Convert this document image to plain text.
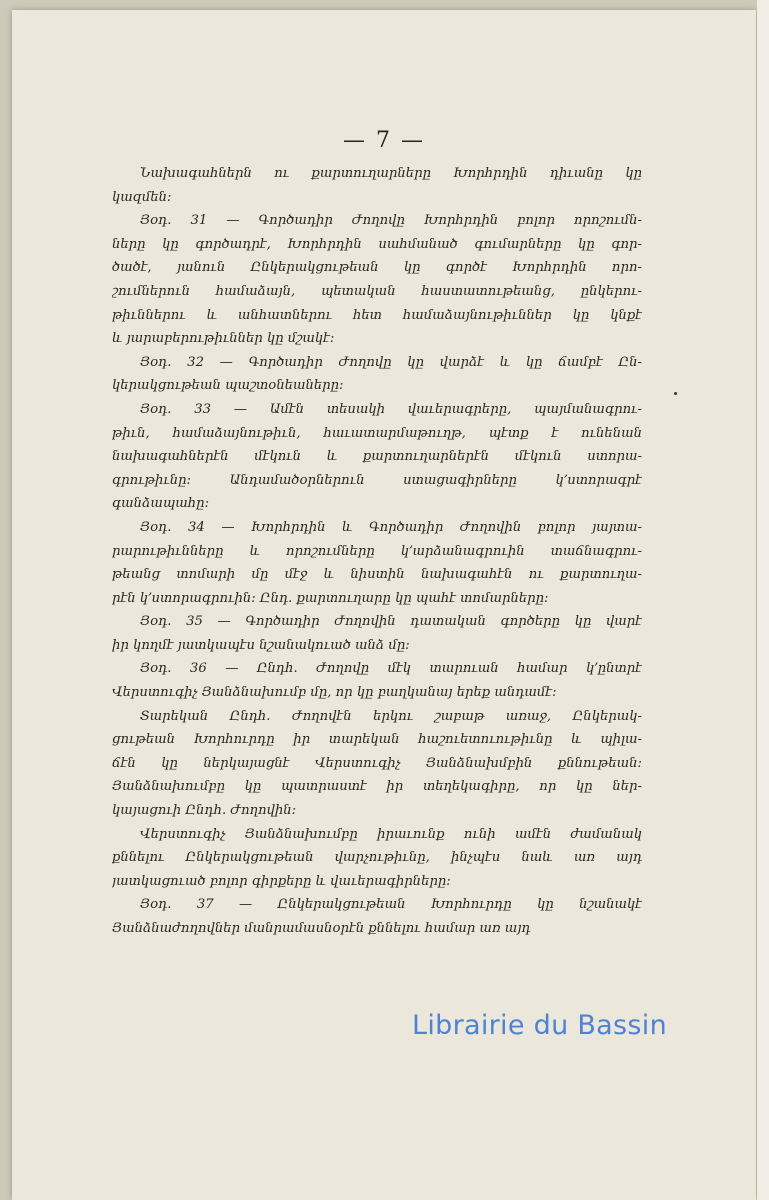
— 7 —
Նախագահներն ու քարտուղարները Խորհրդին դիւանը կը
կազմեն։
Յօդ. 31 — Գործադիր Ժողովը Խորհրդին բոլոր որոշումն-
ները կը գործադրէ, Խորհրդին սահմանած գումարները կը գոր-
ծածէ, յանուն Ընկերակցութեան կը գործէ Խորհրդին որո-
շումներուն համաձայն, պետական հաստատութեանց, ընկերու-
թիւններու և անհատներու հետ համաձայնութիւններ կը կնքէ
և յարաբերութիւններ կը մշակէ։
Յօդ. 32 — Գործադիր Ժողովը կը վարձէ և կը ճամբէ Ըն-
կերակցութեան պաշտօնեաները։
Յօդ. 33 — Ամէն տեսակի վաւերագրերը, պայմանագրու-
թիւն, համաձայնութիւն, հաւատարմաթուղթ, պէտք է ունենան
նախագահներէն մէկուն և քարտուղարներէն մէկուն ստորա-
գրութիւնը։ Անդամածօրներուն ստացագիրները կ՚ստորագրէ
գանձապահը։
Յօդ. 34 — Խորհրդին և Գործադիր Ժողովին բոլոր յայտա-
րարութիւնները և որոշումները կ՚արձանագրուին տաճնագրու-
թեանց տոմարի մը մէջ և նիստին նախագահէն ու քարտուղա-
րէն կ՚ստորագրուին։ Ընդ. քարտուղարը կը պահէ տոմարները։
Յօդ. 35 — Գործադիր Ժողովին դատական գործերը կը վարէ
իր կողմէ յատկապէս նշանակուած անձ մը։
Յօդ. 36 — Ընդհ. Ժողովը մէկ տարուան համար կ՚ընտրէ
Վերստուգիչ Յանձնախումբ մը, որ կը բաղկանայ երեք անդամէ։
Տարեկան Ընդհ. Ժողովէն երկու շաբաթ առաջ, Ընկերակ-
ցութեան Խորհուրդը իր տարեկան հաշուետուութիւնը և պիլա-
ճէն կը ներկայացնէ Վերստուգիչ Յանձնախմբին քննութեան։
Յանձնախումբը կը պատրաստէ իր տեղեկագիրը, որ կը ներ-
կայացուի Ընդհ. Ժողովին։
Վերստուգիչ Յանձնախումբը իրաւունք ունի ամէն ժամանակ
քննելու Ընկերակցութեան վարչութիւնը, ինչպէս նաև առ այդ
յատկացուած բոլոր գիրքերը և վաւերագիրները։
Յօդ. 37 — Ընկերակցութեան Խորհուրդը կը նշանակէ
Յանձնաժողովներ մանրամասնօրէն քննելու համար առ այդ
Librairie du Bassin
